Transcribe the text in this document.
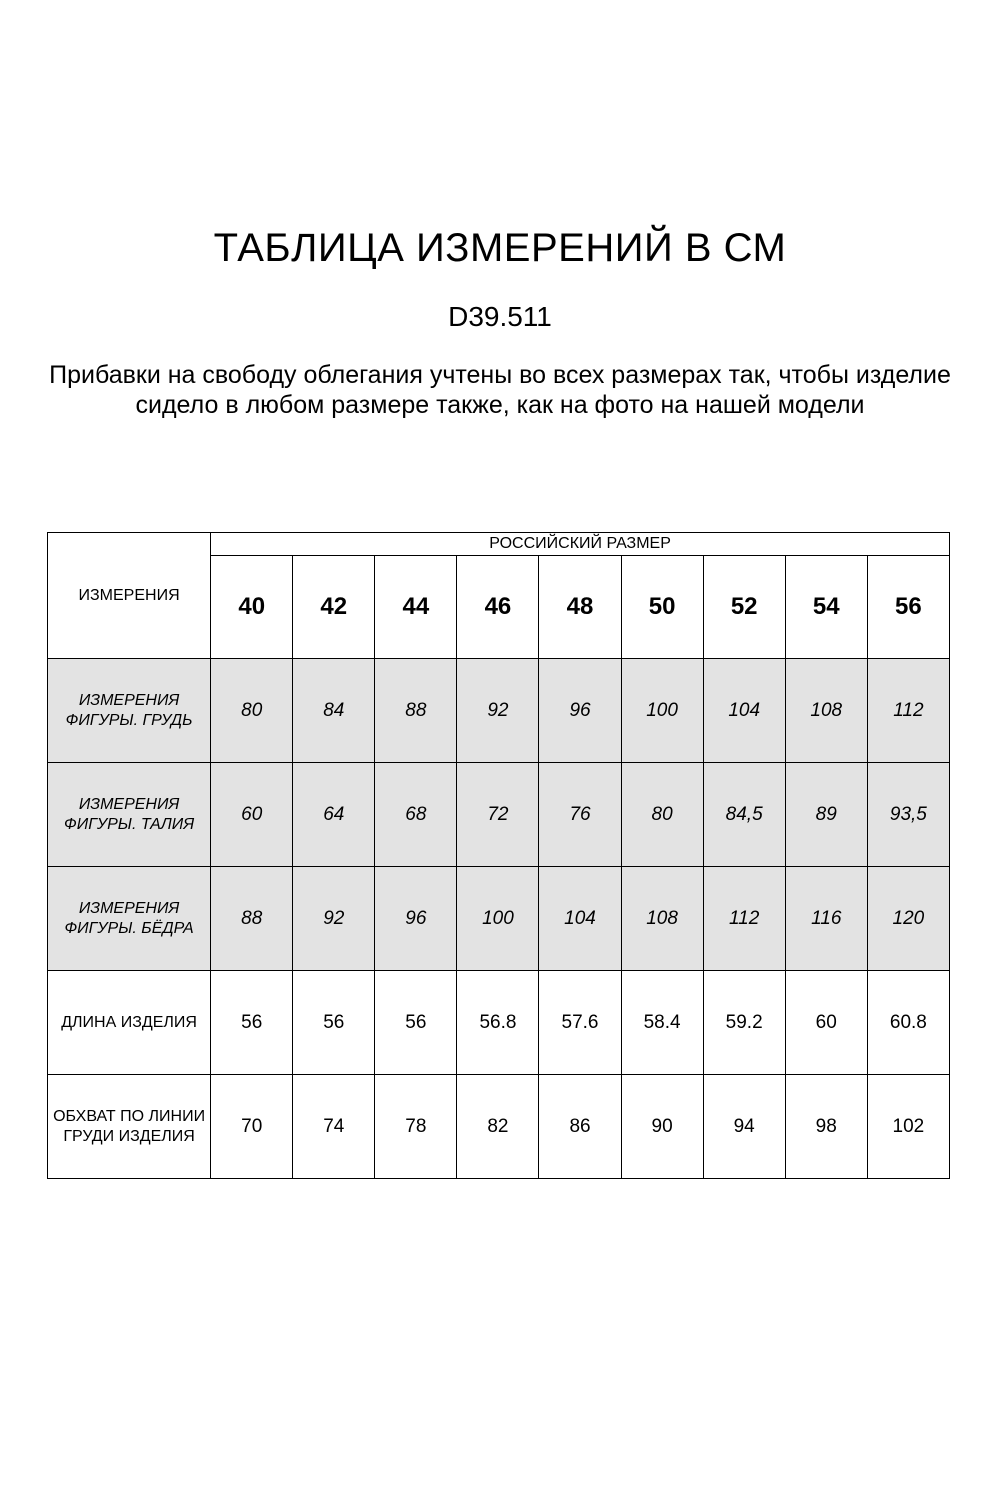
ТАБЛИЦА ИЗМЕРЕНИЙ В СМ
D39.511
Прибавки на свободу облегания учтены во всех размерах так, чтобы изделие сидело в любом размере также, как на фото на нашей модели
ИЗМЕРЕНИЯ	РОССИЙСКИЙ РАЗМЕР								
	40	42	44	46	48	50	52	54	56
ИЗМЕРЕНИЯ ФИГУРЫ. ГРУДЬ	80	84	88	92	96	100	104	108	112
ИЗМЕРЕНИЯ ФИГУРЫ. ТАЛИЯ	60	64	68	72	76	80	84,5	89	93,5
ИЗМЕРЕНИЯ ФИГУРЫ. БЁДРА	88	92	96	100	104	108	112	116	120
ДЛИНА ИЗДЕЛИЯ	56	56	56	56.8	57.6	58.4	59.2	60	60.8
ОБХВАТ ПО ЛИНИИ ГРУДИ ИЗДЕЛИЯ	70	74	78	82	86	90	94	98	102
